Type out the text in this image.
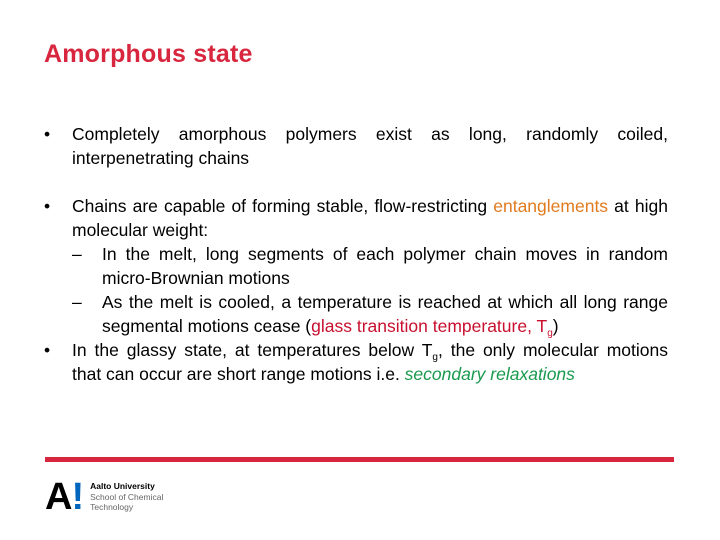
Amorphous state

•	Completely amorphous polymers exist as long, randomly coiled, interpenetrating chains

•	Chains are capable of forming stable, flow-restricting entanglements at high molecular weight:

– In the melt, long segments of each polymer chain moves in random micro-Brownian motions

– As the melt is cooled, a temperature is reached at which all long range segmental motions cease (glass transition temperature, $T_g$)

•	In the glassy state, at temperatures below $T_g$, the only molecular motions that can occur are short range motions i.e. secondary relaxations

A ! Aalto University
School of Chemical
Technology
